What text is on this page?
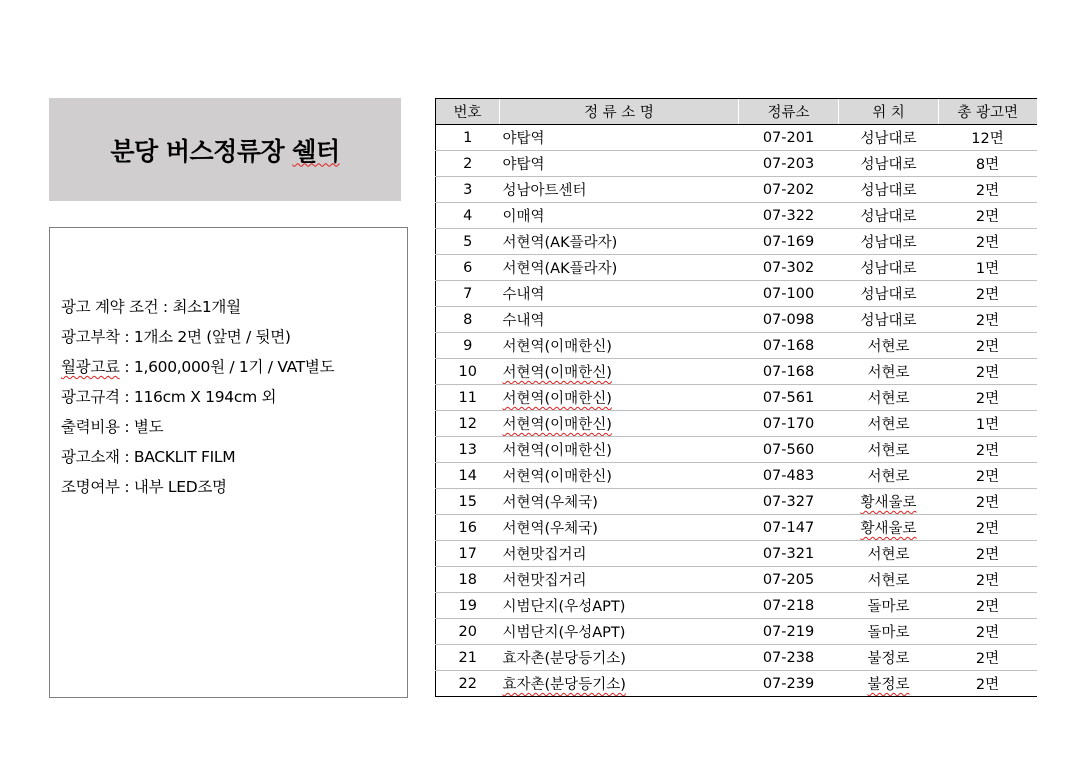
분당 버스정류장 쉘터
광고 계약 조건 : 최소1개월
광고부착 : 1개소 2면 (앞면 / 뒷면)
월광고료 : 1,600,000원 / 1기 / VAT별도
광고규격 : 116cm X 194cm 외
출력비용 : 별도
광고소재 : BACKLIT FILM
조명여부 : 내부 LED조명
번호	정 류 소 명	정류소	위 치	총 광고면
1	야탑역	07-201	성남대로	12면
2	야탑역	07-203	성남대로	8면
3	성남아트센터	07-202	성남대로	2면
4	이매역	07-322	성남대로	2면
5	서현역(AK플라자)	07-169	성남대로	2면
6	서현역(AK플라자)	07-302	성남대로	1면
7	수내역	07-100	성남대로	2면
8	수내역	07-098	성남대로	2면
9	서현역(이매한신)	07-168	서현로	2면
10	서현역(이매한신)	07-168	서현로	2면
11	서현역(이매한신)	07-561	서현로	2면
12	서현역(이매한신)	07-170	서현로	1면
13	서현역(이매한신)	07-560	서현로	2면
14	서현역(이매한신)	07-483	서현로	2면
15	서현역(우체국)	07-327	황새울로	2면
16	서현역(우체국)	07-147	황새울로	2면
17	서현맛집거리	07-321	서현로	2면
18	서현맛집거리	07-205	서현로	2면
19	시범단지(우성APT)	07-218	돌마로	2면
20	시범단지(우성APT)	07-219	돌마로	2면
21	효자촌(분당등기소)	07-238	불정로	2면
22	효자촌(분당등기소)	07-239	불정로	2면
